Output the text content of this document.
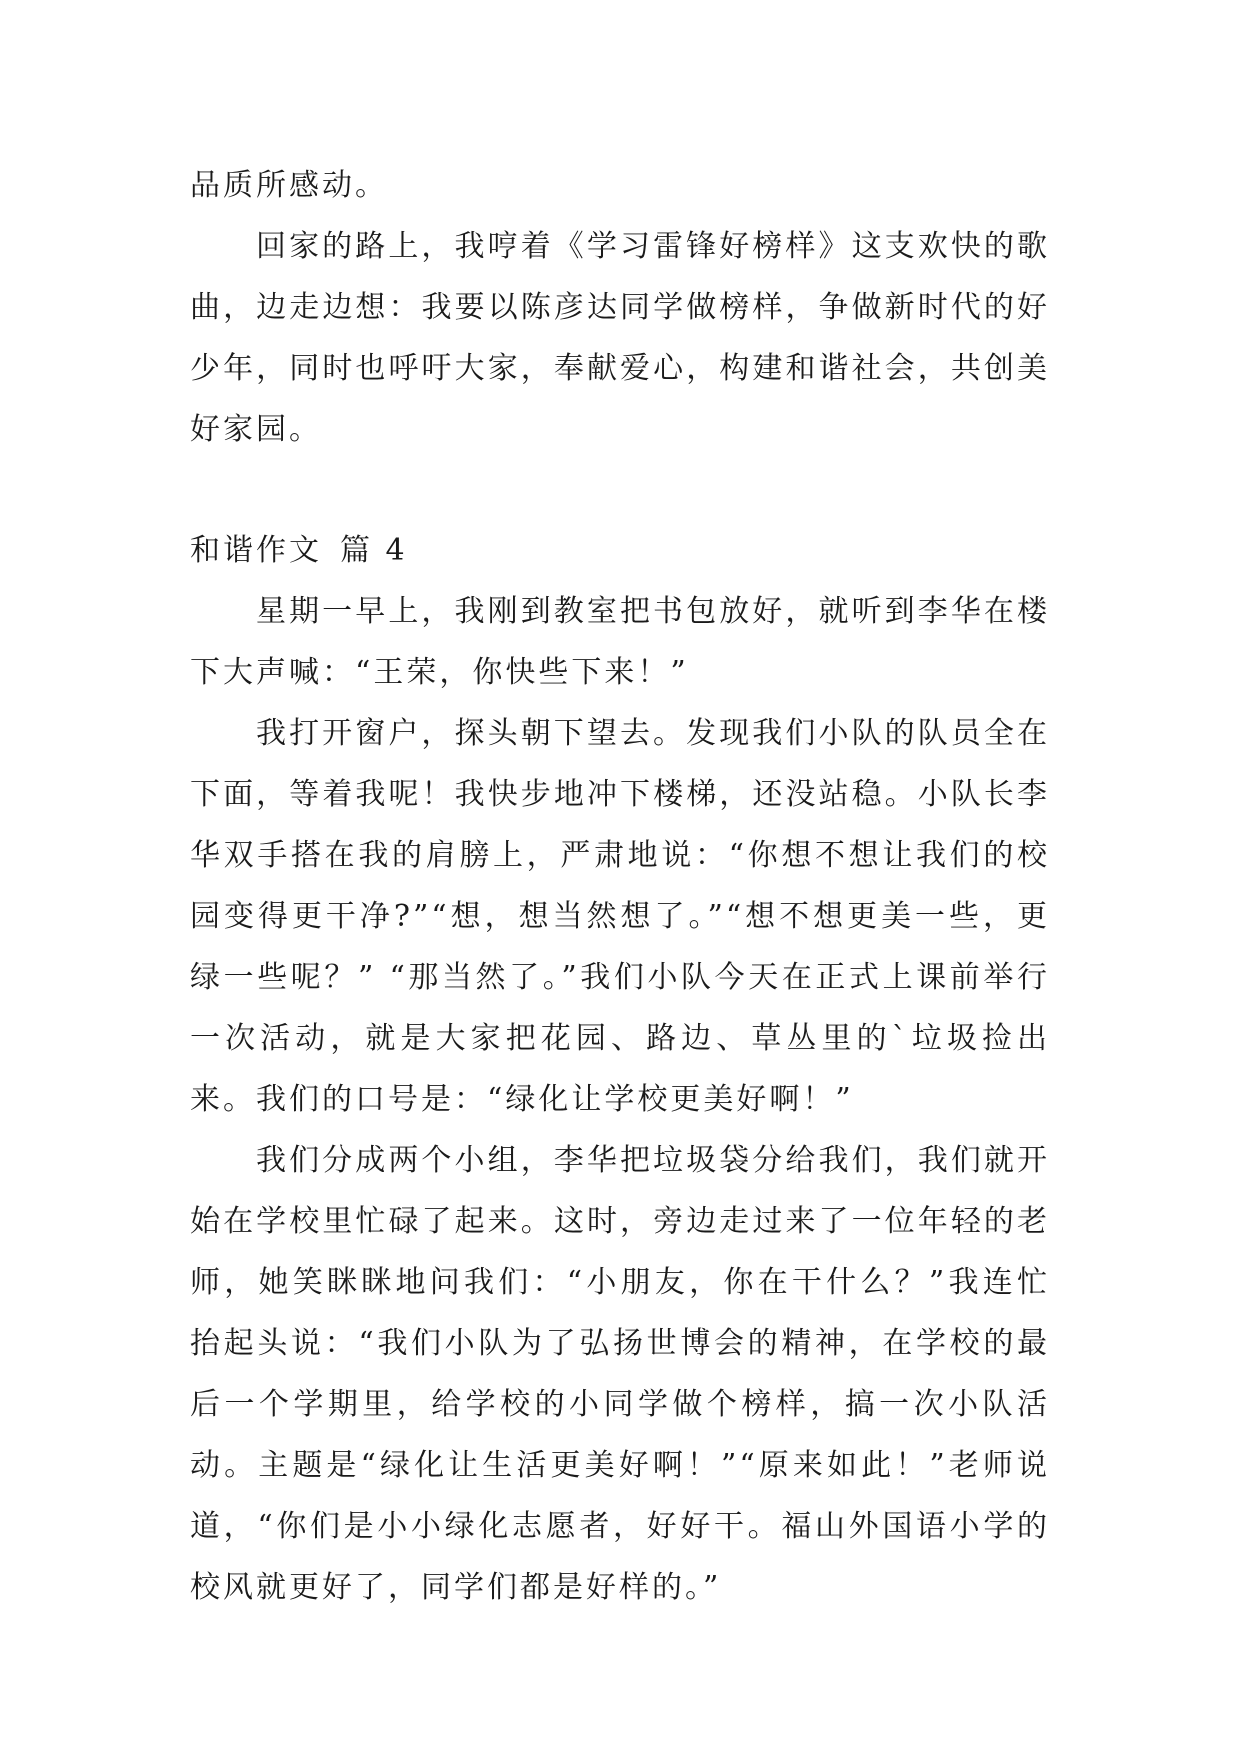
品质所感动。

回家的路上，我哼着《学习雷锋好榜样》这支欢快的歌曲，边走边想：我要以陈彦达同学做榜样，争做新时代的好少年，同时也呼吁大家，奉献爱心，构建和谐社会，共创美好家园。

和谐作文 篇 4

星期一早上，我刚到教室把书包放好，就听到李华在楼下大声喊：“王荣，你快些下来！”

我打开窗户，探头朝下望去。发现我们小队的队员全在下面，等着我呢！我快步地冲下楼梯，还没站稳。小队长李华双手搭在我的肩膀上，严肃地说：“你想不想让我们的校园变得更干净?”“想，想当然想了。”“想不想更美一些，更绿一些呢？” “那当然了。”我们小队今天在正式上课前举行一次活动，就是大家把花园、路边、草丛里的`垃圾捡出来。我们的口号是：“绿化让学校更美好啊！”

我们分成两个小组，李华把垃圾袋分给我们，我们就开始在学校里忙碌了起来。这时，旁边走过来了一位年轻的老师，她笑眯眯地问我们：“小朋友，你在干什么？”我连忙抬起头说：“我们小队为了弘扬世博会的精神，在学校的最后一个学期里，给学校的小同学做个榜样，搞一次小队活动。主题是“绿化让生活更美好啊！”“原来如此！”老师说道，“你们是小小绿化志愿者，好好干。福山外国语小学的校风就更好了，同学们都是好样的。”
